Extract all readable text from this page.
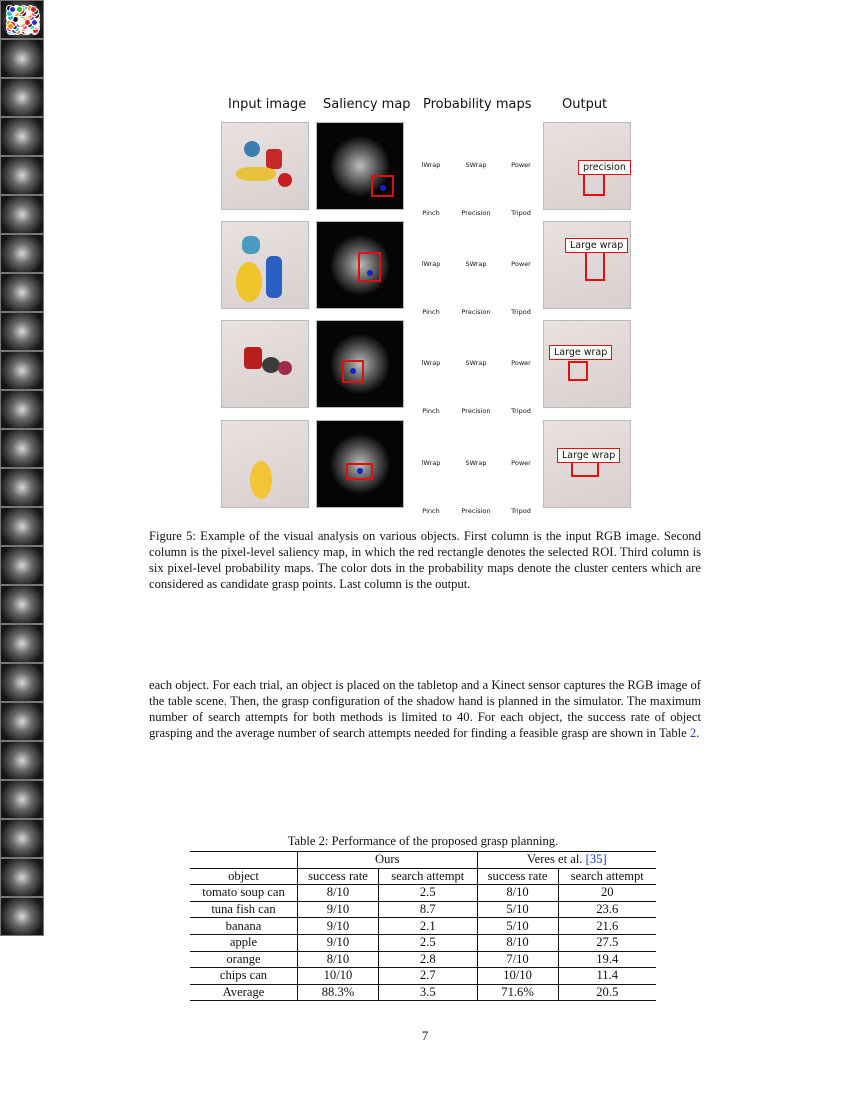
Input image Saliency map Probability maps Output
lWrap	SWrap	Power
Pinch	Precision	Tripod
precision
lWrap	SWrap	Power
Pinch	Precision	Tripod
Large wrap
lWrap	SWrap	Power
Pinch	Precision	Tripod
Large wrap
lWrap	SWrap	Power
Pinch	Precision	Tripod
Large wrap
Figure 5: Example of the visual analysis on various objects. First column is the input RGB image. Second column is the pixel-level saliency map, in which the red rectangle denotes the selected ROI. Third column is six pixel-level probability maps. The color dots in the probability maps denote the cluster centers which are considered as candidate grasp points. Last column is the output.
each object. For each trial, an object is placed on the tabletop and a Kinect sensor captures the RGB image of the table scene. Then, the grasp configuration of the shadow hand is planned in the simulator. The maximum number of search attempts for both methods is limited to 40. For each object, the success rate of object grasping and the average number of search attempts needed for finding a feasible grasp are shown in Table 2.
Table 2: Performance of the proposed grasp planning.
	Ours		Veres et al. [35]	
object	success rate	search attempt	success rate	search attempt
tomato soup can	8/10	2.5	8/10	20
tuna fish can	9/10	8.7	5/10	23.6
banana	9/10	2.1	5/10	21.6
apple	9/10	2.5	8/10	27.5
orange	8/10	2.8	7/10	19.4
chips can	10/10	2.7	10/10	11.4
Average	88.3%	3.5	71.6%	20.5
7
